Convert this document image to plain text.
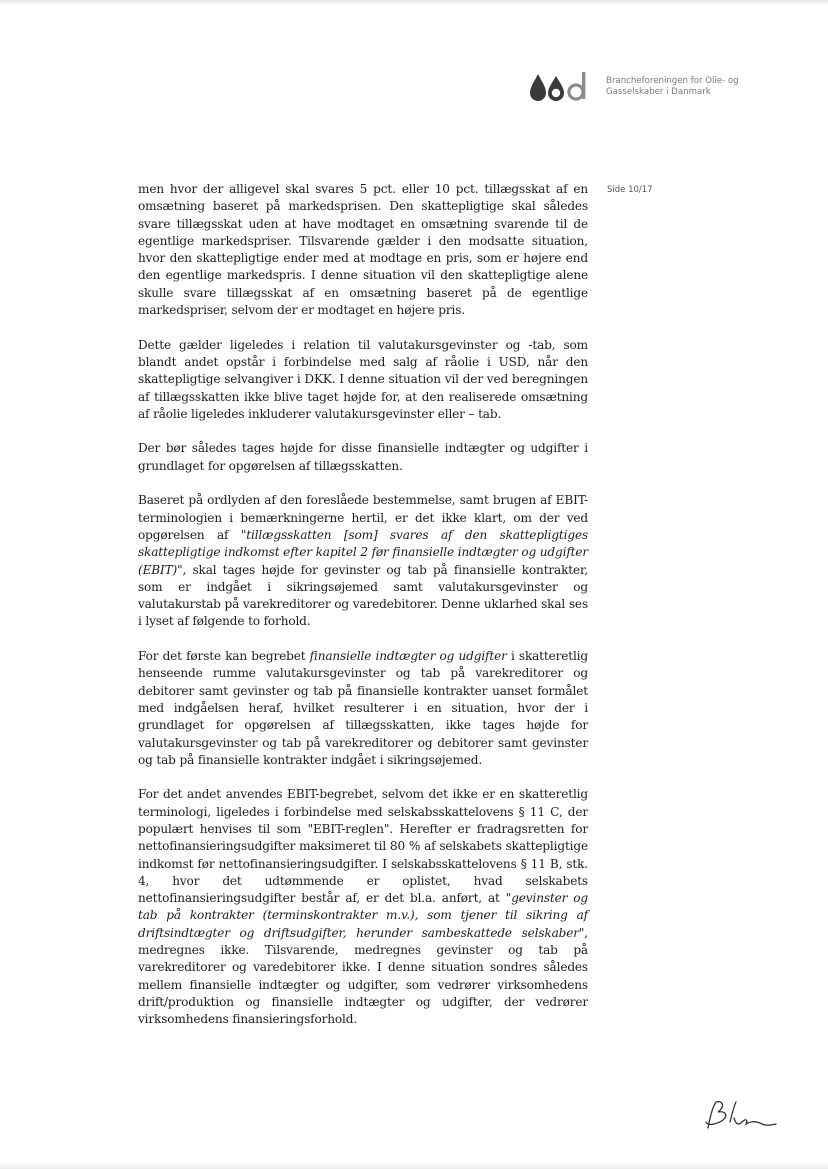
Brancheforeningen for Olie- og
Gasselskaber i Danmark
Side 10/17

men hvor der alligevel skal svares 5 pct. eller 10 pct. tillægsskat af en omsætning baseret på markedsprisen. Den skattepligtige skal således svare tillægsskat uden at have modtaget en omsætning svarende til de egentlige markedspriser. Tilsvarende gælder i den modsatte situation, hvor den skattepligtige ender med at modtage en pris, som er højere end den egentlige markedspris. I denne situation vil den skattepligtige alene skulle svare tillægsskat af en omsætning baseret på de egentlige markedspriser, selvom der er modtaget en højere pris.

Dette gælder ligeledes i relation til valutakursgevinster og -tab, som blandt andet opstår i forbindelse med salg af råolie i USD, når den skattepligtige selvangiver i DKK. I denne situation vil der ved beregningen af tillægsskatten ikke blive taget højde for, at den realiserede omsætning af råolie ligeledes inkluderer valutakursgevinster eller – tab.

Der bør således tages højde for disse finansielle indtægter og udgifter i grundlaget for opgørelsen af tillægsskatten.

Baseret på ordlyden af den foreslåede bestemmelse, samt brugen af EBIT-terminologien i bemærkningerne hertil, er det ikke klart, om der ved opgørelsen af "tillægsskatten [som] svares af den skattepligtiges skattepligtige indkomst efter kapitel 2 før finansielle indtægter og udgifter (EBIT)", skal tages højde for gevinster og tab på finansielle kontrakter, som er indgået i sikringsøjemed samt valutakursgevinster og valutakurstab på varekreditorer og varedebitorer. Denne uklarhed skal ses i lyset af følgende to forhold.

For det første kan begrebet finansielle indtægter og udgifter i skatteretlig henseende rumme valutakursgevinster og tab på varekreditorer og debitorer samt gevinster og tab på finansielle kontrakter uanset formålet med indgåelsen heraf, hvilket resulterer i en situation, hvor der i grundlaget for opgørelsen af tillægsskatten, ikke tages højde for valutakursgevinster og tab på varekreditorer og debitorer samt gevinster og tab på finansielle kontrakter indgået i sikringsøjemed.

For det andet anvendes EBIT-begrebet, selvom det ikke er en skatteretlig terminologi, ligeledes i forbindelse med selskabsskattelovens § 11 C, der populært henvises til som "EBIT-reglen". Herefter er fradragsretten for nettofinansieringsudgifter maksimeret til 80 % af selskabets skattepligtige indkomst før nettofinansieringsudgifter. I selskabsskattelovens § 11 B, stk. 4, hvor det udtømmende er oplistet, hvad selskabets nettofinansieringsudgifter består af, er det bl.a. anført, at "gevinster og tab på kontrakter (terminskontrakter m.v.), som tjener til sikring af driftsindtægter og driftsudgifter, herunder sambeskattede selskaber", medregnes ikke. Tilsvarende, medregnes gevinster og tab på varekreditorer og varedebitorer ikke. I denne situation sondres således mellem finansielle indtægter og udgifter, som vedrører virksomhedens drift/produktion og finansielle indtægter og udgifter, der vedrører virksomhedens finansieringsforhold.
